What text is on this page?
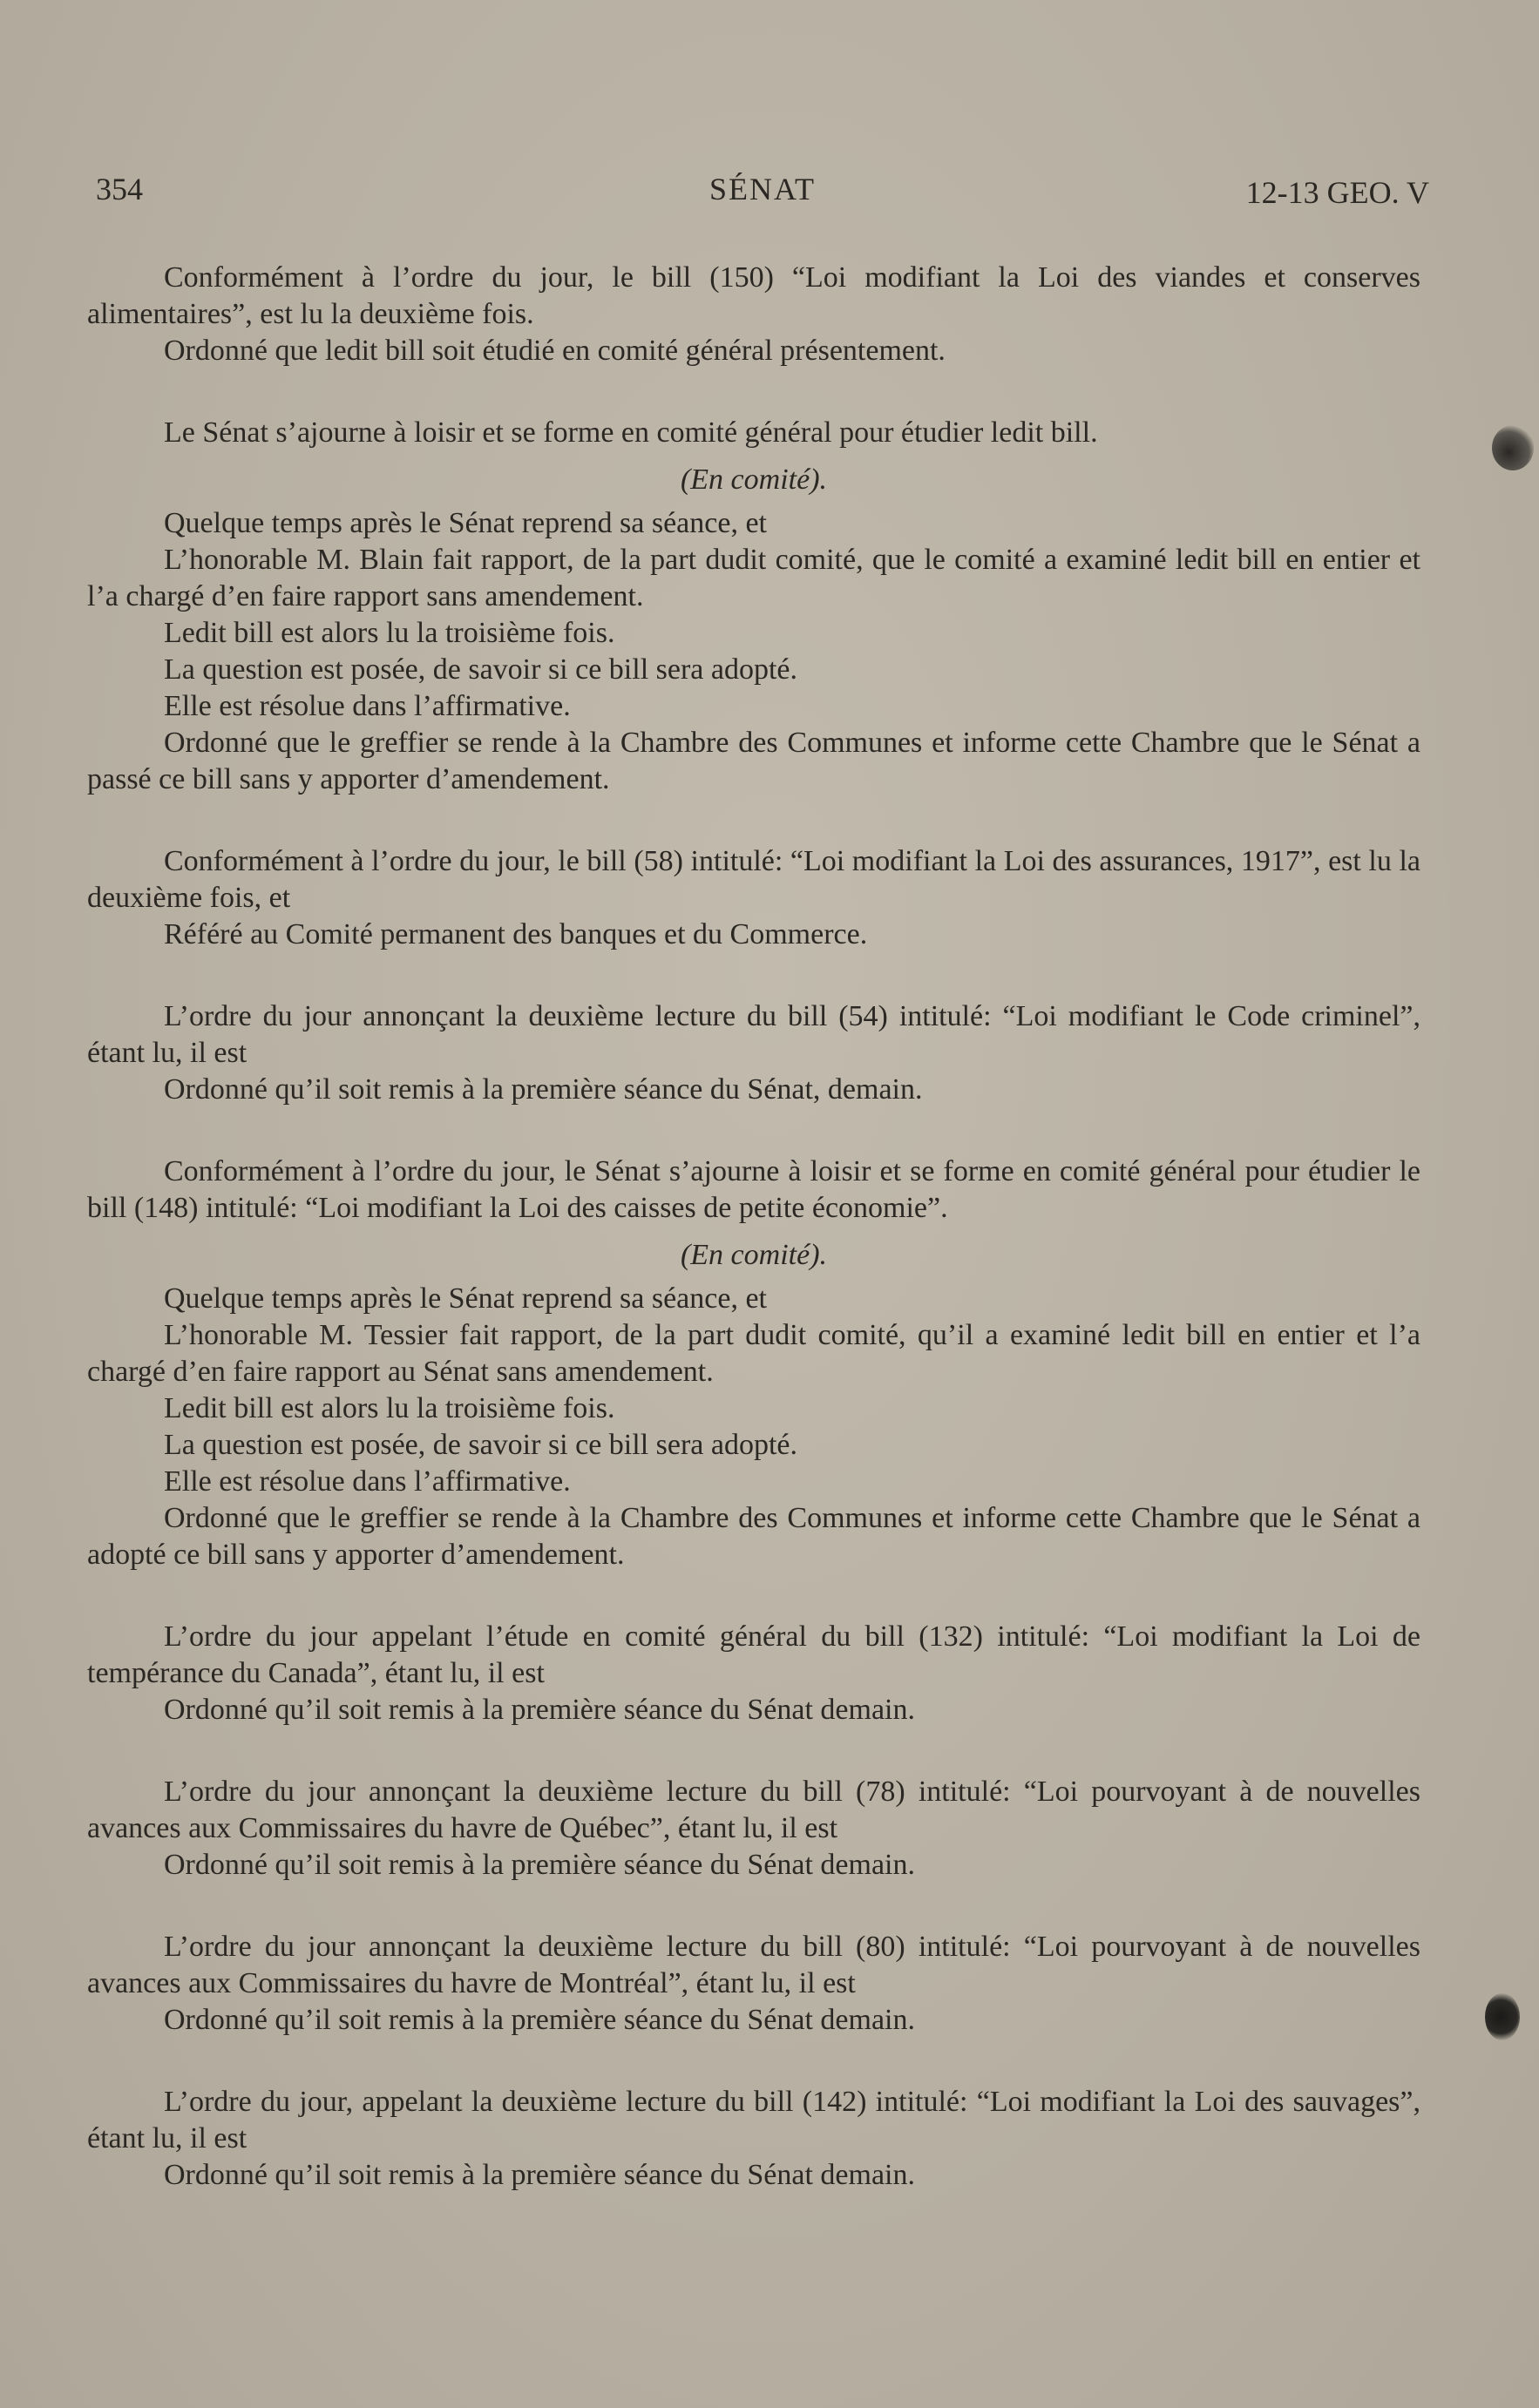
354	SÉNAT	12-13 GEO. V

Conformément à l’ordre du jour, le bill (150) “Loi modifiant la Loi des viandes et conserves alimentaires”, est lu la deuxième fois.

Ordonné que ledit bill soit étudié en comité général présentement.

Le Sénat s’ajourne à loisir et se forme en comité général pour étudier ledit bill.

(En comité).

Quelque temps après le Sénat reprend sa séance, et

L’honorable M. Blain fait rapport, de la part dudit comité, que le comité a examiné ledit bill en entier et l’a chargé d’en faire rapport sans amendement.

Ledit bill est alors lu la troisième fois.

La question est posée, de savoir si ce bill sera adopté.

Elle est résolue dans l’affirmative.

Ordonné que le greffier se rende à la Chambre des Communes et informe cette Chambre que le Sénat a passé ce bill sans y apporter d’amendement.

Conformément à l’ordre du jour, le bill (58) intitulé: “Loi modifiant la Loi des assurances, 1917”, est lu la deuxième fois, et

Référé au Comité permanent des banques et du Commerce.

L’ordre du jour annonçant la deuxième lecture du bill (54) intitulé: “Loi modifiant le Code criminel”, étant lu, il est

Ordonné qu’il soit remis à la première séance du Sénat, demain.

Conformément à l’ordre du jour, le Sénat s’ajourne à loisir et se forme en comité général pour étudier le bill (148) intitulé: “Loi modifiant la Loi des caisses de petite économie”.

(En comité).

Quelque temps après le Sénat reprend sa séance, et

L’honorable M. Tessier fait rapport, de la part dudit comité, qu’il a examiné ledit bill en entier et l’a chargé d’en faire rapport au Sénat sans amendement.

Ledit bill est alors lu la troisième fois.

La question est posée, de savoir si ce bill sera adopté.

Elle est résolue dans l’affirmative.

Ordonné que le greffier se rende à la Chambre des Communes et informe cette Chambre que le Sénat a adopté ce bill sans y apporter d’amendement.

L’ordre du jour appelant l’étude en comité général du bill (132) intitulé: “Loi modifiant la Loi de tempérance du Canada”, étant lu, il est

Ordonné qu’il soit remis à la première séance du Sénat demain.

L’ordre du jour annonçant la deuxième lecture du bill (78) intitulé: “Loi pourvoyant à de nouvelles avances aux Commissaires du havre de Québec”, étant lu, il est

Ordonné qu’il soit remis à la première séance du Sénat demain.

L’ordre du jour annonçant la deuxième lecture du bill (80) intitulé: “Loi pourvoyant à de nouvelles avances aux Commissaires du havre de Montréal”, étant lu, il est

Ordonné qu’il soit remis à la première séance du Sénat demain.

L’ordre du jour, appelant la deuxième lecture du bill (142) intitulé: “Loi modifiant la Loi des sauvages”, étant lu, il est

Ordonné qu’il soit remis à la première séance du Sénat demain.
